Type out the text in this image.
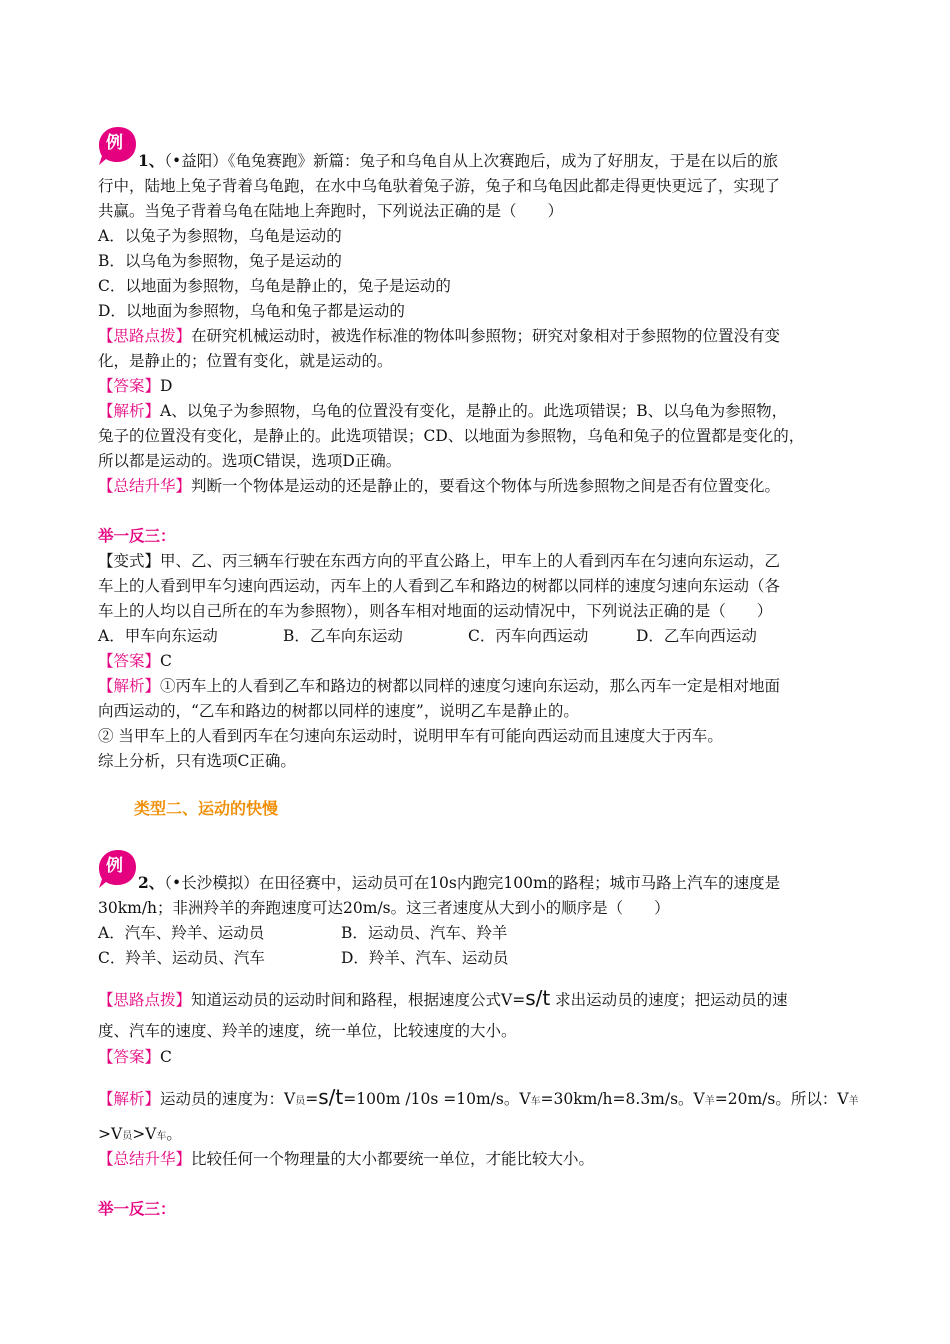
例
1、（•益阳）《龟兔赛跑》新篇：兔子和乌龟自从上次赛跑后，成为了好朋友，于是在以后的旅
行中，陆地上兔子背着乌龟跑，在水中乌龟驮着兔子游，兔子和乌龟因此都走得更快更远了，实现了
共赢。当兔子背着乌龟在陆地上奔跑时，下列说法正确的是（　　）
A．以兔子为参照物，乌龟是运动的
B．以乌龟为参照物，兔子是运动的
C．以地面为参照物，乌龟是静止的，兔子是运动的
D．以地面为参照物，乌龟和兔子都是运动的
【思路点拨】在研究机械运动时，被选作标准的物体叫参照物；研究对象相对于参照物的位置没有变
化，是静止的；位置有变化，就是运动的。
【答案】D
【解析】A、以兔子为参照物，乌龟的位置没有变化，是静止的。此选项错误；B、以乌龟为参照物，
兔子的位置没有变化，是静止的。此选项错误；CD、以地面为参照物，乌龟和兔子的位置都是变化的，
所以都是运动的。选项C错误，选项D正确。
【总结升华】判断一个物体是运动的还是静止的，要看这个物体与所选参照物之间是否有位置变化。
举一反三：
【变式】甲、乙、丙三辆车行驶在东西方向的平直公路上，甲车上的人看到丙车在匀速向东运动，乙
车上的人看到甲车匀速向西运动，丙车上的人看到乙车和路边的树都以同样的速度匀速向东运动（各
车上的人均以自己所在的车为参照物），则各车相对地面的运动情况中，下列说法正确的是（　　）
A．甲车向东运动	B．乙车向东运动	C．丙车向西运动	D．乙车向西运动
【答案】C
【解析】①丙车上的人看到乙车和路边的树都以同样的速度匀速向东运动，那么丙车一定是相对地面
向西运动的，“乙车和路边的树都以同样的速度”，说明乙车是静止的。
② 当甲车上的人看到丙车在匀速向东运动时，说明甲车有可能向西运动而且速度大于丙车。
综上分析，只有选项C正确。
类型二、运动的快慢
例
2、（•长沙模拟）在田径赛中，运动员可在10s内跑完100m的路程；城市马路上汽车的速度是
30km/h；非洲羚羊的奔跑速度可达20m/s。这三者速度从大到小的顺序是（　　）
A．汽车、羚羊、运动员	B．运动员、汽车、羚羊
C．羚羊、运动员、汽车	D．羚羊、汽车、运动员
【思路点拨】知道运动员的运动时间和路程，根据速度公式V=s/t 求出运动员的速度；把运动员的速
度、汽车的速度、羚羊的速度，统一单位，比较速度的大小。
【答案】C
【解析】运动员的速度为：V员=s/t=100m /10s =10m/s。V车=30km/h=8.3m/s。V羊=20m/s。所以：V羊
>V员>V车。
【总结升华】比较任何一个物理量的大小都要统一单位，才能比较大小。
举一反三：
